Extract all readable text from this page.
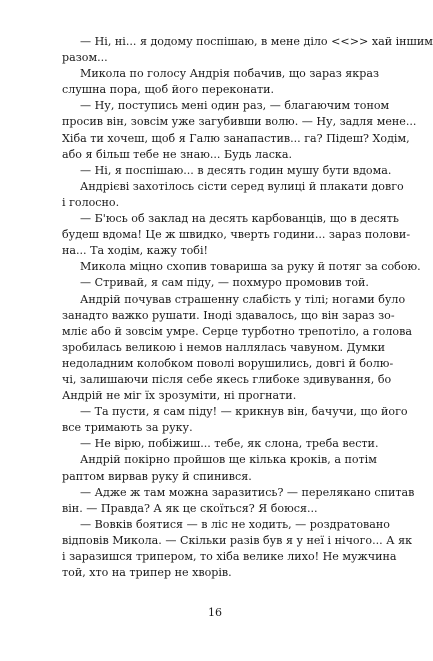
— Ні, ні... я додому поспішаю, в мене діло <<>> хай іншим
разом...
Микола по голосу Андрія побачив, що зараз якраз
слушна пора, щоб його переконати.
— Ну, поступись мені один раз, — благаючим тоном
просив він, зовсім уже загубивши волю. — Ну, задля мене...
Хіба ти хочеш, щоб я Галю занапастив... га? Підеш? Ходім,
або я більш тебе не знаю... Будь ласка.
— Ні, я поспішаю... в десять годин мушу бути вдома.
Андрієві захотілось сісти серед вулиці й плакати довго
і голосно.
— Б'юсь об заклад на десять карбованців, що в десять
будеш вдома! Це ж швидко, чверть години... зараз полови-
на... Та ходім, кажу тобі!
Микола міцно схопив товариша за руку й потяг за собою.
— Стривай, я сам піду, — похмуро промовив той.
Андрій почував страшенну слабість у тілі; ногами було
занадто важко рушати. Іноді здавалось, що він зараз зо-
мліє або й зовсім умре. Серце турботно трепотіло, а голова
зробилась великою і немов наллялась чавуном. Думки
недоладним колобком поволі ворушились, довгі й болю-
чі, залишаючи після себе якесь глибоке здивування, бо
Андрій не міг їх зрозуміти, ні прогнати.
— Та пусти, я сам піду! — крикнув він, бачучи, що його
все тримають за руку.
— Не вірю, побіжиш... тебе, як слона, треба вести.
Андрій покірно пройшов ще кілька кроків, а потім
раптом вирвав руку й спинився.
— Адже ж там можна заразитись? — перелякано спитав
він. — Правда? А як це скоїться? Я боюся...
— Вовків боятися — в ліс не ходить, — роздратовано
відповів Микола. — Скільки разів був я у неї і нічого... А як
і заразишся трипером, то хіба велике лихо! Не мужчина
той, хто на трипер не хворів.
16
